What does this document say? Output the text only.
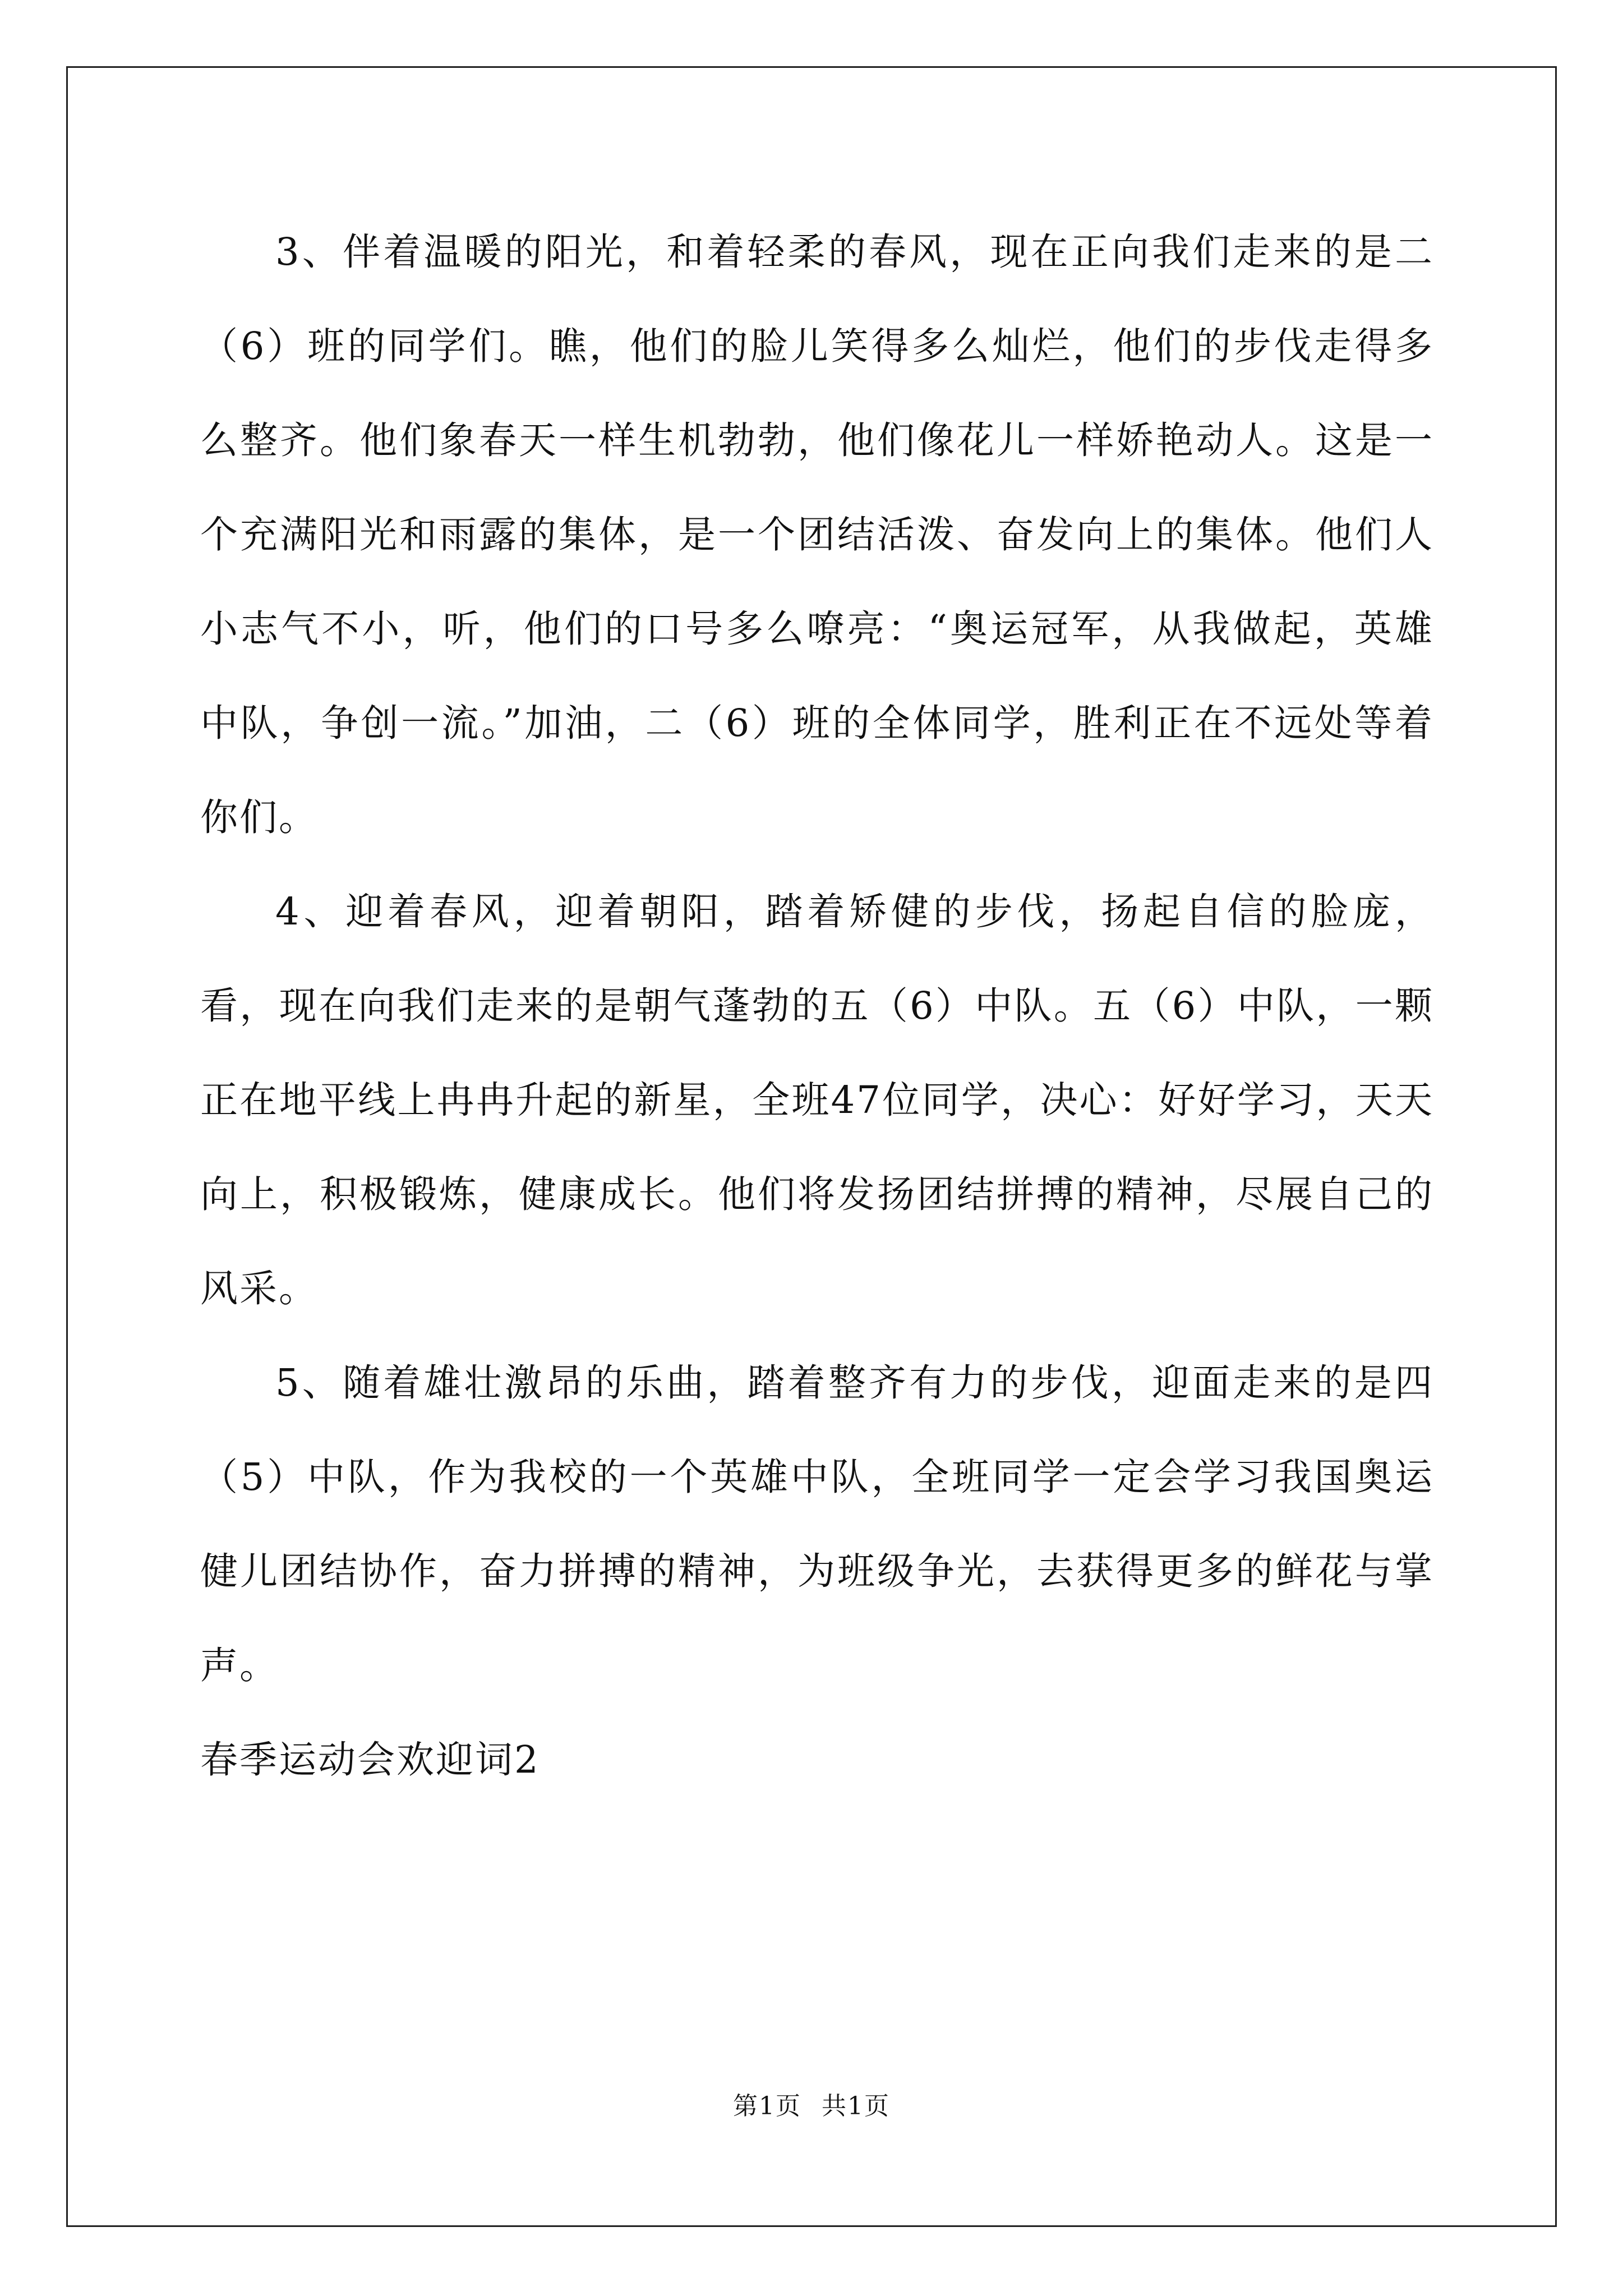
3、伴着温暖的阳光，和着轻柔的春风，现在正向我们走来的是二（6）班的同学们。瞧，他们的脸儿笑得多么灿烂，他们的步伐走得多么整齐。他们象春天一样生机勃勃，他们像花儿一样娇艳动人。这是一个充满阳光和雨露的集体，是一个团结活泼、奋发向上的集体。他们人小志气不小，听，他们的口号多么嘹亮：“奥运冠军，从我做起，英雄中队，争创一流。”加油，二（6）班的全体同学，胜利正在不远处等着你们。

4、迎着春风，迎着朝阳，踏着矫健的步伐，扬起自信的脸庞，看，现在向我们走来的是朝气蓬勃的五（6）中队。五（6）中队，一颗正在地平线上冉冉升起的新星，全班47位同学，决心：好好学习，天天向上，积极锻炼，健康成长。他们将发扬团结拼搏的精神，尽展自己的风采。

5、随着雄壮激昂的乐曲，踏着整齐有力的步伐，迎面走来的是四（5）中队，作为我校的一个英雄中队，全班同学一定会学习我国奥运健儿团结协作，奋力拼搏的精神，为班级争光，去获得更多的鲜花与掌声。

春季运动会欢迎词2

第1页 共1页
